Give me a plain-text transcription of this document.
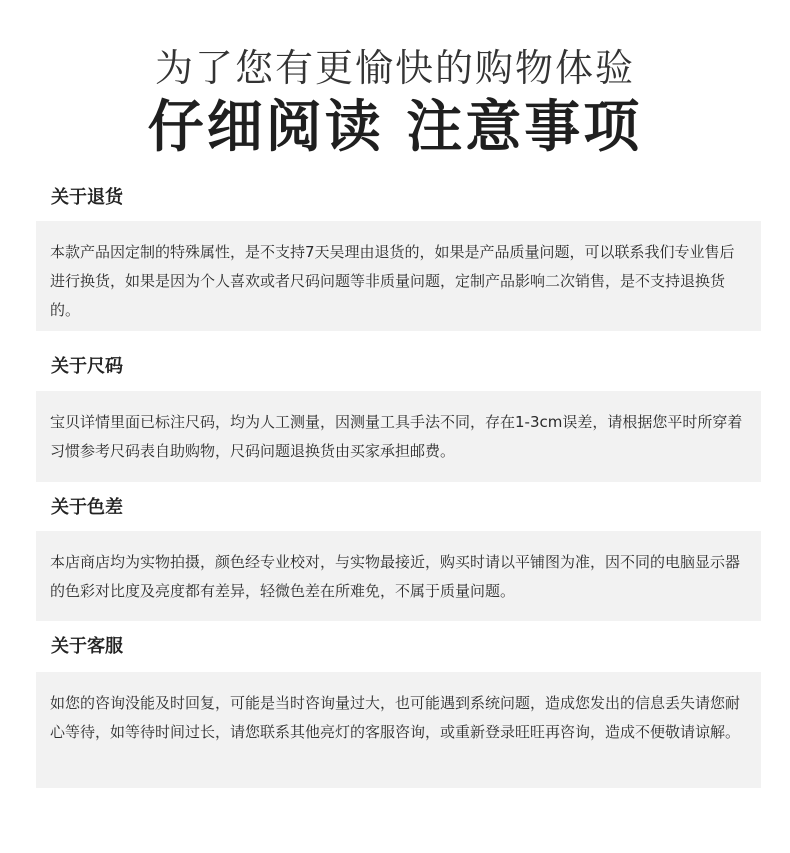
为了您有更愉快的购物体验
仔细阅读 注意事项
关于退货

本款产品因定制的特殊属性，是不支持7天吴理由退货的，如果是产品质量问题，可以联系我们专业售后进行换货，如果是因为个人喜欢或者尺码问题等非质量问题，定制产品影响二次销售，是不支持退换货的。

关于尺码

宝贝详情里面已标注尺码，均为人工测量，因测量工具手法不同，存在1-3cm误差，请根据您平时所穿着习惯参考尺码表自助购物，尺码问题退换货由买家承担邮费。

关于色差

本店商店均为实物拍摄，颜色经专业校对，与实物最接近，购买时请以平铺图为准，因不同的电脑显示器的色彩对比度及亮度都有差异，轻微色差在所难免，不属于质量问题。

关于客服

如您的咨询没能及时回复，可能是当时咨询量过大，也可能遇到系统问题，造成您发出的信息丢失请您耐心等待，如等待时间过长，请您联系其他亮灯的客服咨询，或重新登录旺旺再咨询，造成不便敬请谅解。
